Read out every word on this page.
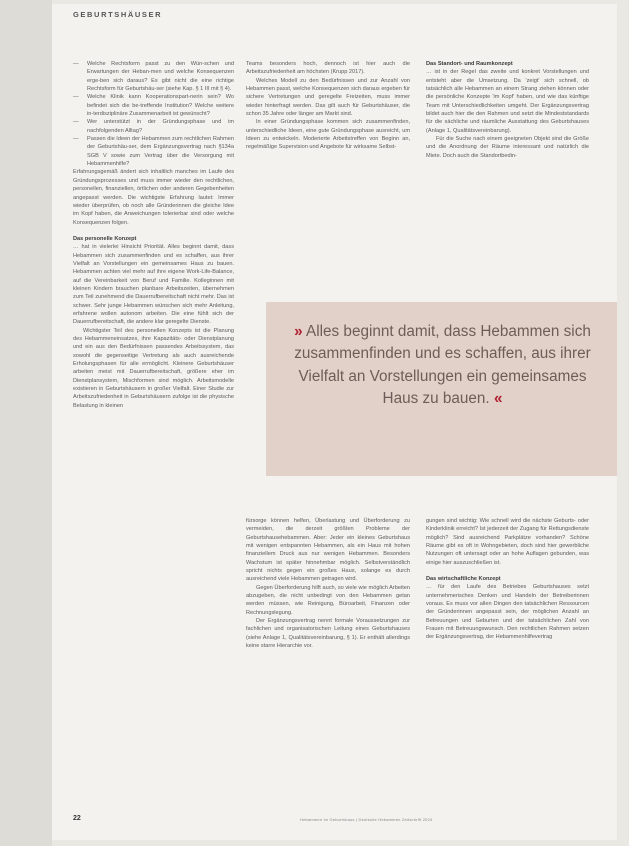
GEBURTSHÄUSER

— Welche Rechtsform passt zu den Wün-schen und Erwartungen der Heban-men und welche Konsequenzen erge-ben sich daraus? Es gibt nicht die eine richtige Rechtsform für Geburtshäu-ser (siehe Kap. § 1 III mit § 4).

— Welche Klinik kann Kooperationspart-nerin sein? Wo befindet sich die be-treffende Institution? Welche weitere in-terdisziplinäre Zusammenarbeit ist gewünscht?

— Wer unterstützt in der Gründungsphase und im nachfolgenden Alltag?

— Passen die Ideen der Hebammen zum rechtlichen Rahmen der Geburtshäu-ser, dem Ergänzungsvertrag nach §134a SGB V sowie zum Vertrag über die Versorgung mit Hebammenhilfe?

Erfahrungsgemäß ändert sich inhaltlich manches im Laufe des Gründungsprozesses und muss immer wieder den rechtlichen, personellen, finanziellen, örtlichen oder anderen Gegebenheiten angepasst werden. Die wichtigste Erfahrung lautet: Immer wieder überprüfen, ob noch alle Gründerinnen die gleiche Idee im Kopf haben, die Anweichungen tolerierbar sind oder welche Konsequenzen folgen.

Das personelle Konzept

… hat in vielerlei Hinsicht Priorität. Alles beginnt damit, dass Hebammen sich zusammenfinden und es schaffen, aus ihrer Vielfalt an Vorstellungen ein gemeinsames Haus zu bauen. Hebammen achten viel mehr auf ihre eigene Work-Life-Balance, auf die Vereinbarkeit von Beruf und Familie. Kolleginnen mit kleinen Kindern brauchen planbare Arbeitszeiten, übernehmen zum Teil zunehmend die Dauerrufbereitschaft nicht mehr. Das ist schwer. Sehr junge Hebammen wünschen sich mehr Anleitung, erfahrene wollen autonom arbeiten. Die eine fühlt sich der Dauerrufbereitschaft, die andere klar geregelte Dienste.

Wichtigster Teil des personellen Konzepts ist die Planung des Hebammeneinsatzes, ihre Kapazitäts- oder Dienstplanung und ein aus den Bedürfnissen passendes Arbeitssystem, das sowohl die gegenseitige Vertretung als auch ausreichende Erholungsphasen für alle ermöglicht. Kleinere Geburtshäuser arbeiten meist mit Dauerrufbereitschaft, größere eher im Dienstplansystem, Mischformen sind möglich. Arbeitsmodelle existieren in Geburtshäusern in großer Vielfalt. Einer Studie zur Arbeitszufriedenheit in Geburtshäusern zufolge ist die physische Belastung in kleinen

Teams besonders hoch, dennoch ist hier auch die Arbeitszufriedenheit am höchsten (Krupp 2017).

Welches Modell zu den Bedürfnissen und zur Anzahl von Hebammen passt, welche Konsequenzen sich daraus ergeben für sichere Vertretungen und geregelte Freizeiten, muss immer wieder hinterfragt werden. Das gilt auch für Geburtshäuser, die schon 35 Jahre oder länger am Markt sind.

In einer Gründungsphase kommen sich zusammenfinden, unterschiedliche Ideen, eine gute Gründungsphase ausreicht, um Ideen zu entwickeln. Moderierte Arbeitstreffen von Beginn an, regelmäßige Supervision und Angebote für wirksame Selbst-

Das Standort- und Raumkonzept

… ist in der Regel das zweite und konkret Vorstellungen und entsteht aber die Umsetzung. Da 'zeigt' sich schnell, ob tatsächlich alle Hebammen an einem Strang ziehen können oder die persönliche Konzepte 'im Kopf' haben, und wie das künftige Team mit Unterschiedlichkeiten umgeht. Der Ergänzungsvertrag bildet auch hier die den Rahmen und setzt die Mindeststandards für die sächliche und räumliche Ausstattung des Geburtshauses (Anlage 1, Qualitätsvereinbarung).

Für die Suche nach einem geeigneten Objekt sind die Größe und die Anordnung der Räume interessant und natürlich die Miete. Doch auch die Standortbedin-

» Alles beginnt damit, dass Hebammen sich zusammenfinden und es schaffen, aus ihrer Vielfalt an Vorstellungen ein gemeinsames Haus zu bauen. «

fürsorge können helfen, Überlastung und Überforderung zu vermeiden, die derzeit größten Probleme der Geburtshausehebammen. Aber: Jeder ein kleines Geburtshaus mit wenigen entspannten Hebammen, als ein Haus mit hohen finanziellem Druck aus nur wenigen Hebammen. Besonders Wachstum ist später hinnehmbar möglich. Selbstverständlich spricht nichts gegen ein großes Haus, solange es durch ausreichend viele Hebammen getragen wird.

Gegen Überforderung hilft auch, so viele wie möglich Arbeiten abzugeben, die nicht unbedingt von den Hebammen getan werden müssen, wie Reinigung, Büroarbeit, Finanzen oder Rechnungslegung.

Der Ergänzungsvertrag nennt formale Voraussetzungen zur fachlichen und organisatorischen Leitung eines Geburtshauses (siehe Anlage 1, Qualitätsvereinbarung, § 1). Er enthält allerdings keine starre Hierarchie vor.

gungen sind wichtig: Wie schnell wird die nächste Geburts- oder Kinderklinik erreicht? Ist jederzeit der Zugang für Rettungsdienste möglich? Sind ausreichend Parkplätze vorhanden? Schöne Räume gibt es oft in Wohngebieten, doch sind hier gewerbliche Nutzungen oft untersagt oder an hohe Auflagen gebunden, was einige hier auszuschließen ist.

Das wirtschaftliche Konzept

… für den Laufe des Betriebes Geburtshauses setzt unternehmerisches Denken und Handeln der Betreiberinnen voraus. Es muss vor allen Dingen den tatsächlichen Ressourcen der Gründerinnen angepasst sein, der möglichen Anzahl an Betreuungen und Geburten und der tatsächlichen Zahl von Frauen mit Betreuungswunsch. Den rechtlichen Rahmen setzen der Ergänzungsvertrag, der Hebammenhilfevertrag

22	Hebammen im Geburtshaus | Deutsche Hebammen Zeitschrift 2024
